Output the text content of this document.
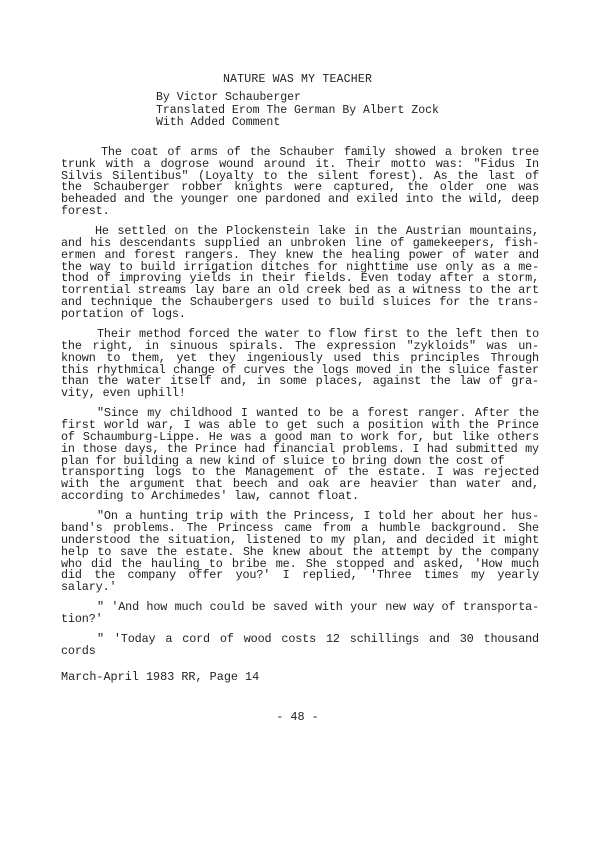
NATURE WAS MY TEACHER
By Victor Schauberger
Translated Erom The German By Albert Zock
With Added Comment

The coat of arms of the Schauber family showed a broken tree trunk with a dogrose wound around it. Their motto was: "Fidus In Silvis Silentibus" (Loyalty to the silent forest). As the last of the Schauberger robber knights were captured, the older one was beheaded and the younger one pardoned and exiled into the wild, deep forest.

He settled on the Plockenstein lake in the Austrian mountains, and his descendants supplied an unbroken line of gamekeepers, fish-ermen and forest rangers. They knew the healing power of water and the way to build irrigation ditches for nighttime use only as a me-thod of improving yields in their fields. Even today after a storm, torrential streams lay bare an old creek bed as a witness to the art and technique the Schaubergers used to build sluices for the trans-portation of logs.

Their method forced the water to flow first to the left then to the right, in sinuous spirals. The expression "zykloids" was un-known to them, yet they ingeniously used this principles Through this rhythmical change of curves the logs moved in the sluice faster than the water itself and, in some places, against the law of gra-vity, even uphill!

"Since my childhood I wanted to be a forest ranger. After the first world war, I was able to get such a position with the Prince of Schaumburg-Lippe. He was a good man to work for, but like others in those days, the Prince had financial problems. I had submitted my plan for building a new kind of sluice to bring down the cost of

transporting logs to the Management of the estate. I was rejected with the argument that beech and oak are heavier than water and, according to Archimedes' law, cannot float.

"On a hunting trip with the Princess, I told her about her hus-band's problems. The Princess came from a humble background. She understood the situation, listened to my plan, and decided it might help to save the estate. She knew about the attempt by the company who did the hauling to bribe me. She stopped and asked, 'How much did the company offer you?' I replied, 'Three times my yearly salary.'

" 'And how much could be saved with your new way of transporta-tion?'

" 'Today a cord of wood costs 12 schillings and 30 thousand cords

March-April 1983 RR, Page 14
- 48 -
